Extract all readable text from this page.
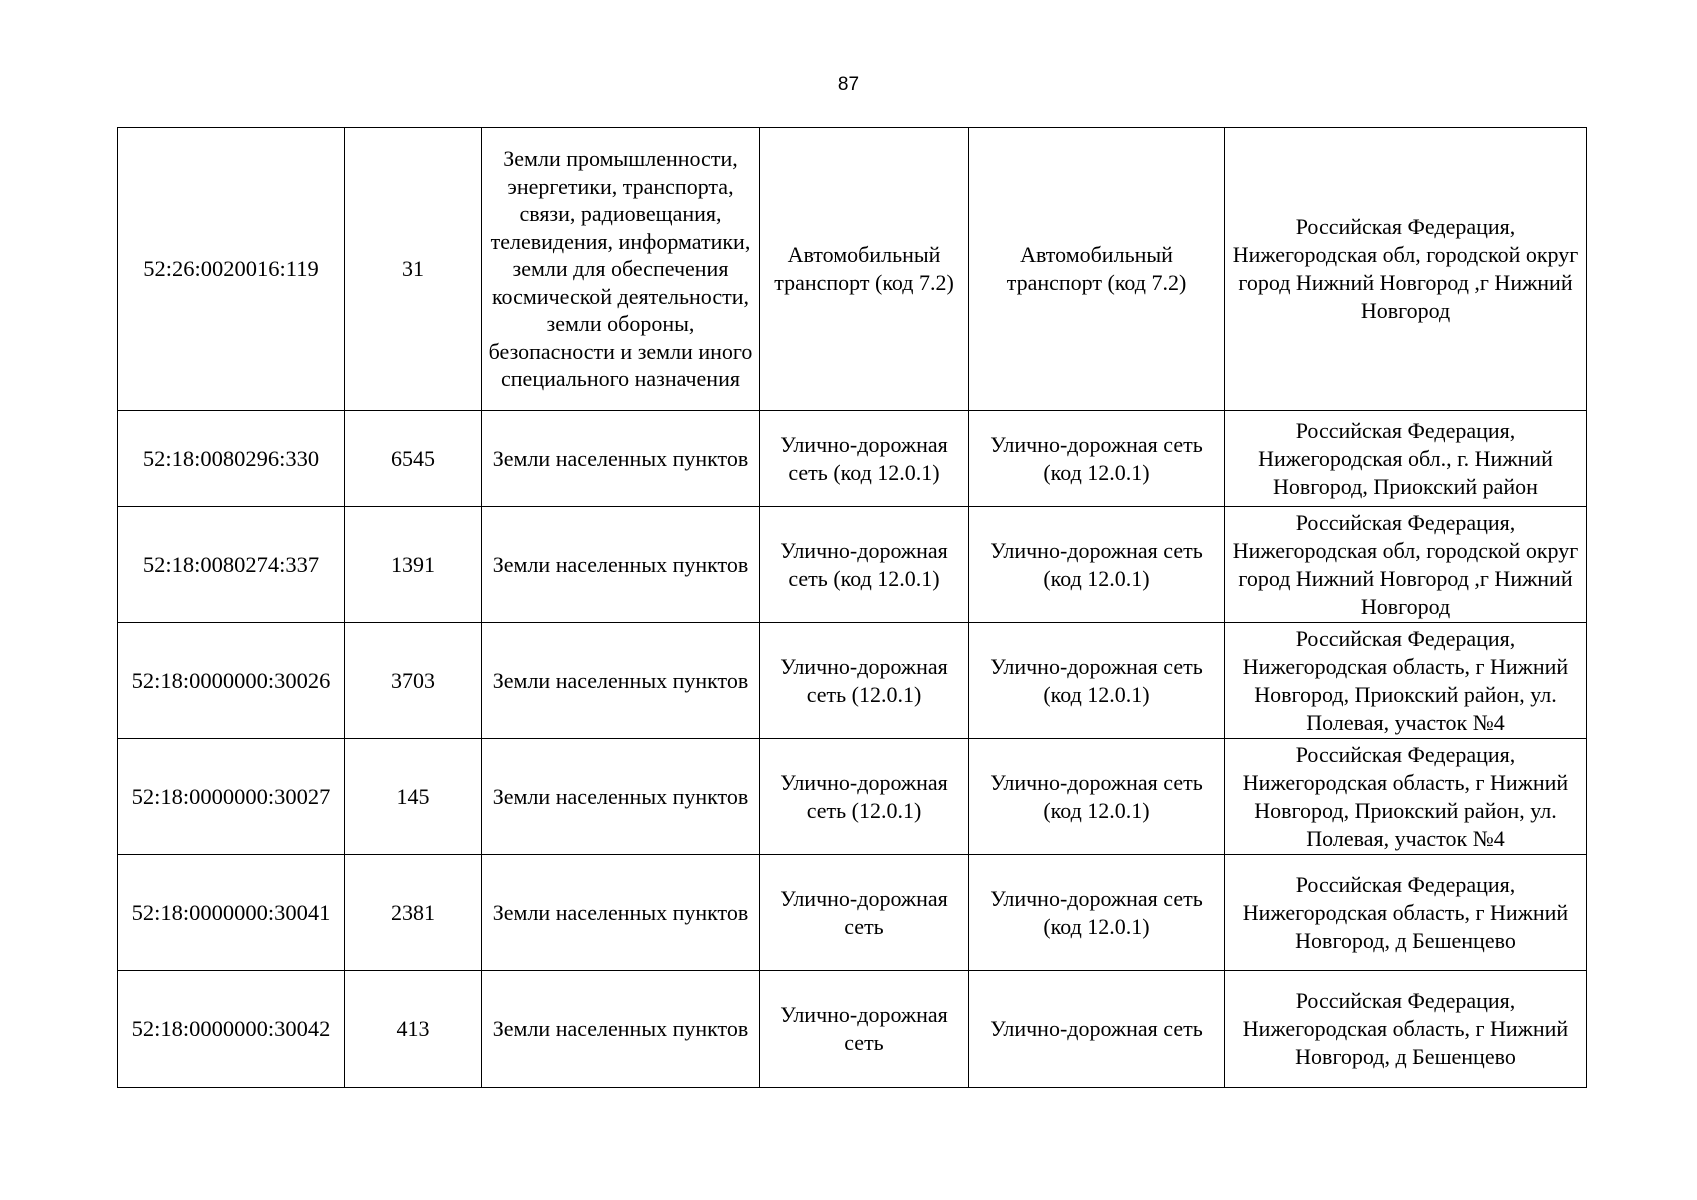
87
52:26:0020016:119	31	Земли промышленности, энергетики, транспорта, связи, радиовещания, телевидения, информатики, земли для обеспечения космической деятельности, земли обороны, безопасности и земли иного специального назначения	Автомобильный транспорт (код 7.2)	Автомобильный транспорт (код 7.2)	Российская Федерация, Нижегородская обл, городской округ город Нижний Новгород ,г Нижний Новгород
52:18:0080296:330	6545	Земли населенных пунктов	Улично-дорожная сеть (код 12.0.1)	Улично-дорожная сеть (код 12.0.1)	Российская Федерация, Нижегородская обл., г. Нижний Новгород, Приокский район
52:18:0080274:337	1391	Земли населенных пунктов	Улично-дорожная сеть (код 12.0.1)	Улично-дорожная сеть (код 12.0.1)	Российская Федерация, Нижегородская обл, городской округ город Нижний Новгород ,г Нижний Новгород
52:18:0000000:30026	3703	Земли населенных пунктов	Улично-дорожная сеть (12.0.1)	Улично-дорожная сеть (код 12.0.1)	Российская Федерация, Нижегородская область, г Нижний Новгород, Приокский район, ул. Полевая, участок №4
52:18:0000000:30027	145	Земли населенных пунктов	Улично-дорожная сеть (12.0.1)	Улично-дорожная сеть (код 12.0.1)	Российская Федерация, Нижегородская область, г Нижний Новгород, Приокский район, ул. Полевая, участок №4
52:18:0000000:30041	2381	Земли населенных пунктов	Улично-дорожная сеть	Улично-дорожная сеть (код 12.0.1)	Российская Федерация, Нижегородская область, г Нижний Новгород, д Бешенцево
52:18:0000000:30042	413	Земли населенных пунктов	Улично-дорожная сеть	Улично-дорожная сеть	Российская Федерация, Нижегородская область, г Нижний Новгород, д Бешенцево
